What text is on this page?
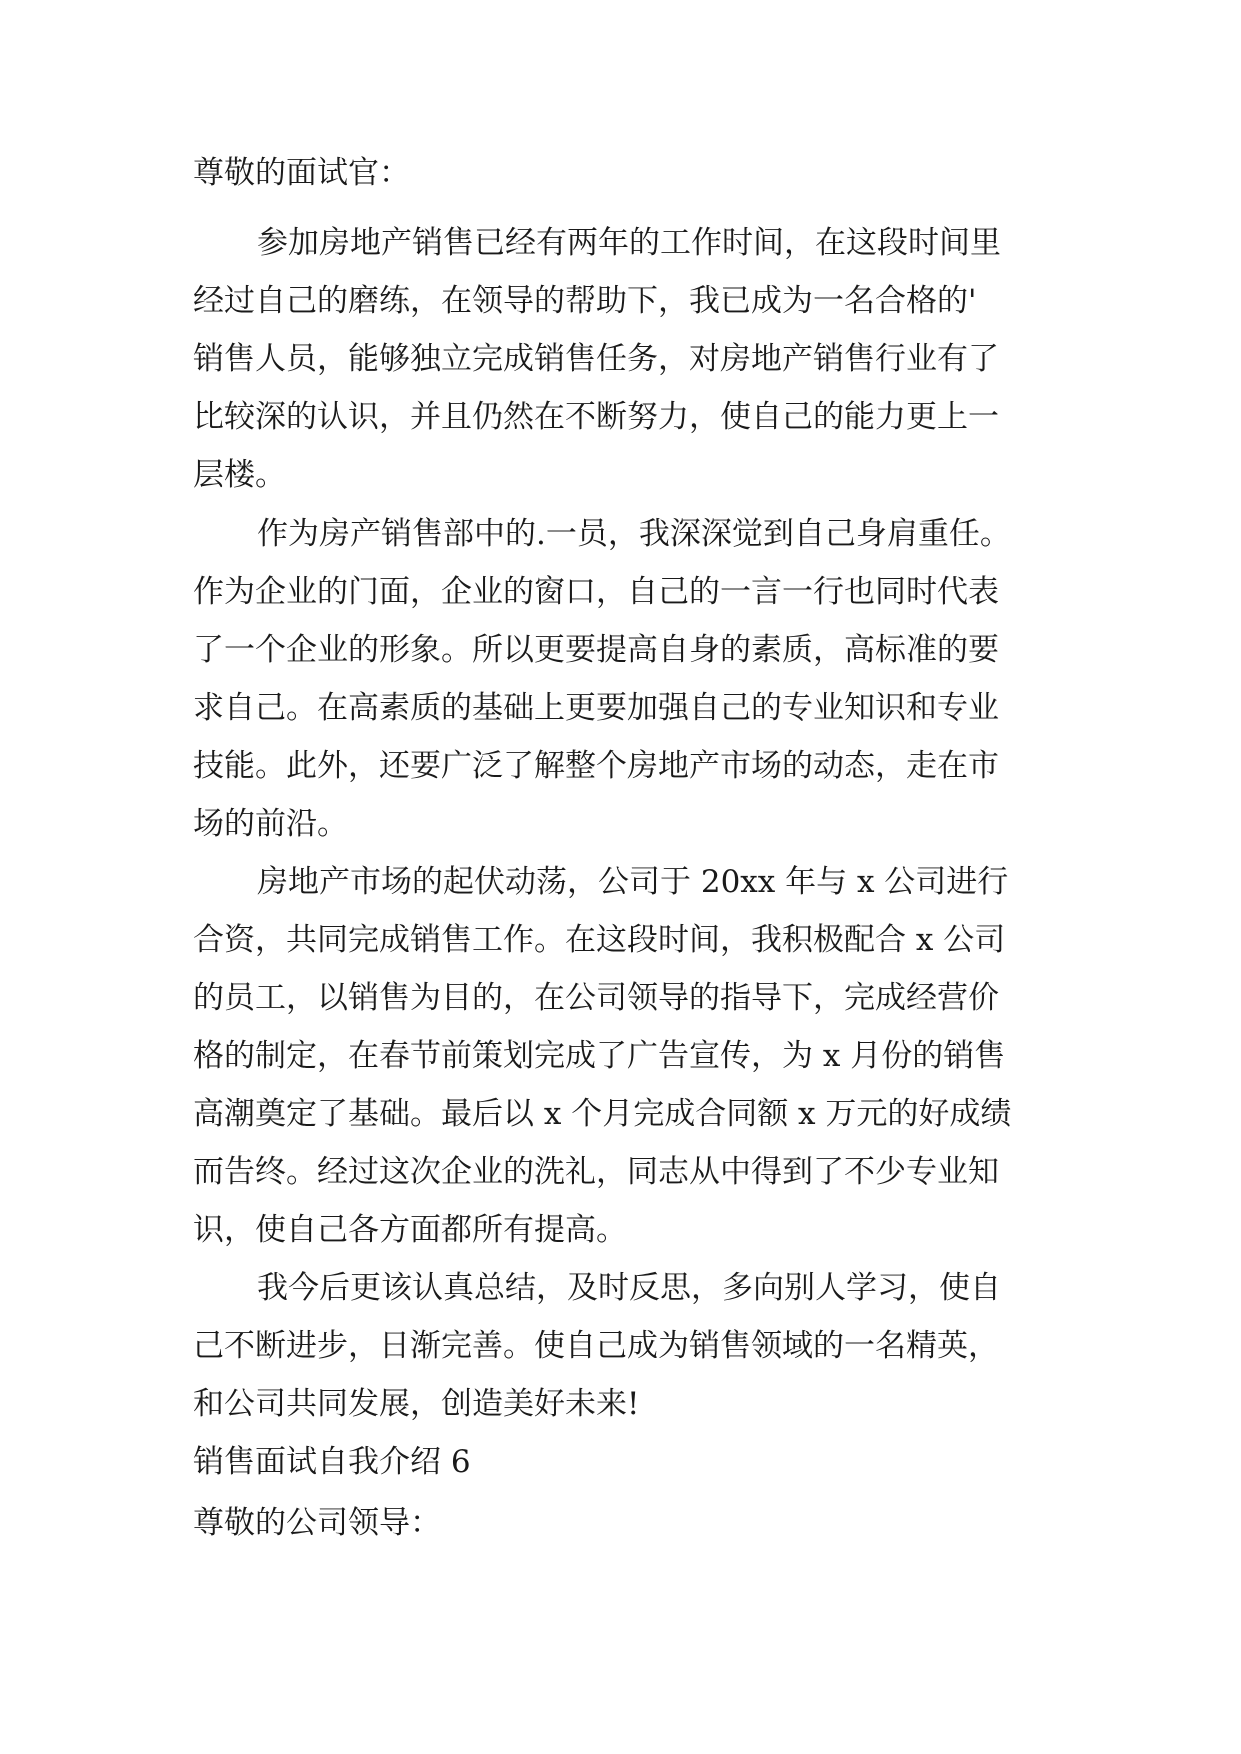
尊敬的面试官：
参加房地产销售已经有两年的工作时间，在这段时间里
经过自己的磨练，在领导的帮助下，我已成为一名合格的'
销售人员，能够独立完成销售任务，对房地产销售行业有了
比较深的认识，并且仍然在不断努力，使自己的能力更上一
层楼。
作为房产销售部中的.一员，我深深觉到自己身肩重任。
作为企业的门面，企业的窗口，自己的一言一行也同时代表
了一个企业的形象。所以更要提高自身的素质，高标准的要
求自己。在高素质的基础上更要加强自己的专业知识和专业
技能。此外，还要广泛了解整个房地产市场的动态，走在市
场的前沿。
房地产市场的起伏动荡，公司于 20xx 年与 x 公司进行
合资，共同完成销售工作。在这段时间，我积极配合 x 公司
的员工，以销售为目的，在公司领导的指导下，完成经营价
格的制定，在春节前策划完成了广告宣传，为 x 月份的销售
高潮奠定了基础。最后以 x 个月完成合同额 x 万元的好成绩
而告终。经过这次企业的洗礼，同志从中得到了不少专业知
识，使自己各方面都所有提高。
我今后更该认真总结，及时反思，多向别人学习，使自
己不断进步，日渐完善。使自己成为销售领域的一名精英，
和公司共同发展，创造美好未来!
销售面试自我介绍 6
尊敬的公司领导：
